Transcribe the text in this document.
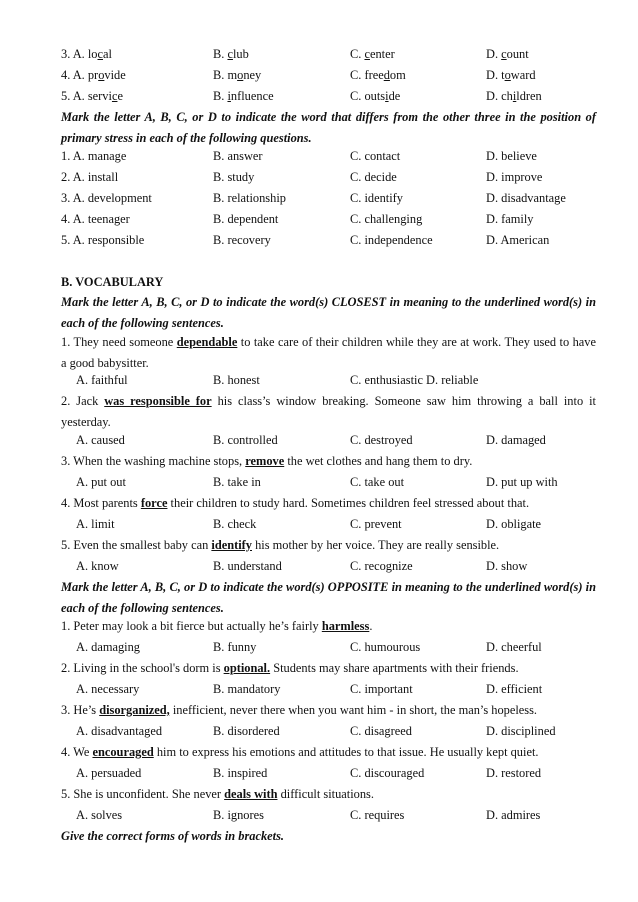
3. A. local	B. club	C. center	D. count
4. A. provide	B. money	C. freedom	D. toward
5. A. service	B. influence	C. outside	D. children
Mark the letter A, B, C, or D to indicate the word that differs from the other three in the position of primary stress in each of the following questions.
1. A. manage	B. answer	C. contact	D. believe
2. A. install	B. study	C. decide	D. improve
3. A. development	B. relationship	C. identify	D. disadvantage
4. A. teenager	B. dependent	C. challenging	D. family
5. A. responsible	B. recovery	C. independence	D. American
B. VOCABULARY
Mark the letter A, B, C, or D to indicate the word(s) CLOSEST in meaning to the underlined word(s) in each of the following sentences.
1. They need someone dependable to take care of their children while they are at work. They used to have a good babysitter.
A. faithful	B. honest	C. enthusiastic D. reliable
2. Jack was responsible for his class’s window breaking. Someone saw him throwing a ball into it yesterday.
A. caused	B. controlled	C. destroyed	D. damaged
3. When the washing machine stops, remove the wet clothes and hang them to dry.
A. put out	B. take in	C. take out	D. put up with
4. Most parents force their children to study hard. Sometimes children feel stressed about that.
A. limit	B. check	C. prevent	D. obligate
5. Even the smallest baby can identify his mother by her voice. They are really sensible.
A. know	B. understand	C. recognize	D. show
Mark the letter A, B, C, or D to indicate the word(s) OPPOSITE in meaning to the underlined word(s) in each of the following sentences.
1. Peter may look a bit fierce but actually he’s fairly harmless.
A. damaging	B. funny	C. humourous	D. cheerful
2. Living in the school's dorm is optional. Students may share apartments with their friends.
A. necessary	B. mandatory	C. important	D. efficient
3. He’s disorganized, inefficient, never there when you want him - in short, the man’s hopeless.
A. disadvantaged	B. disordered	C. disagreed	D. disciplined
4. We encouraged him to express his emotions and attitudes to that issue. He usually kept quiet.
A. persuaded	B. inspired	C. discouraged	D. restored
5. She is unconfident. She never deals with difficult situations.
A. solves	B. ignores	C. requires	D. admires
Give the correct forms of words in brackets.
